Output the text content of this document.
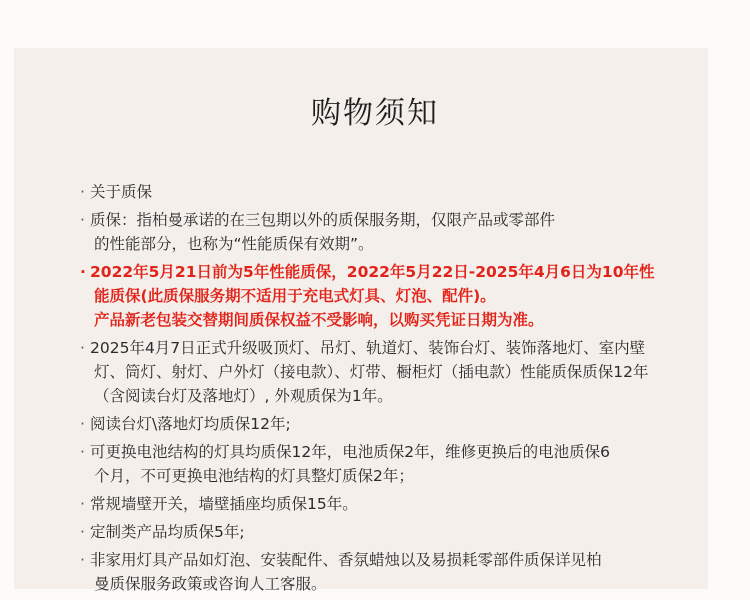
购物须知
· 关于质保
· 质保：指柏曼承诺的在三包期以外的质保服务期，仅限产品或零部件
的性能部分，也称为“性能质保有效期”。
· 2022年5月21日前为5年性能质保，2022年5月22日-2025年4月6日为10年性
能质保(此质保服务期不适用于充电式灯具、灯泡、配件)。
产品新老包装交替期间质保权益不受影响，以购买凭证日期为准。
· 2025年4月7日正式升级吸顶灯、吊灯、轨道灯、装饰台灯、装饰落地灯、室内壁
灯、筒灯、射灯、户外灯（接电款）、灯带、橱柜灯（插电款）性能质保质保12年
（含阅读台灯及落地灯）, 外观质保为1年。
· 阅读台灯\落地灯均质保12年;
· 可更换电池结构的灯具均质保12年，电池质保2年，维修更换后的电池质保6
个月，不可更换电池结构的灯具整灯质保2年；
· 常规墙壁开关，墙壁插座均质保15年。
· 定制类产品均质保5年;
· 非家用灯具产品如灯泡、安装配件、香氛蜡烛以及易损耗零部件质保详见柏
曼质保服务政策或咨询人工客服。
